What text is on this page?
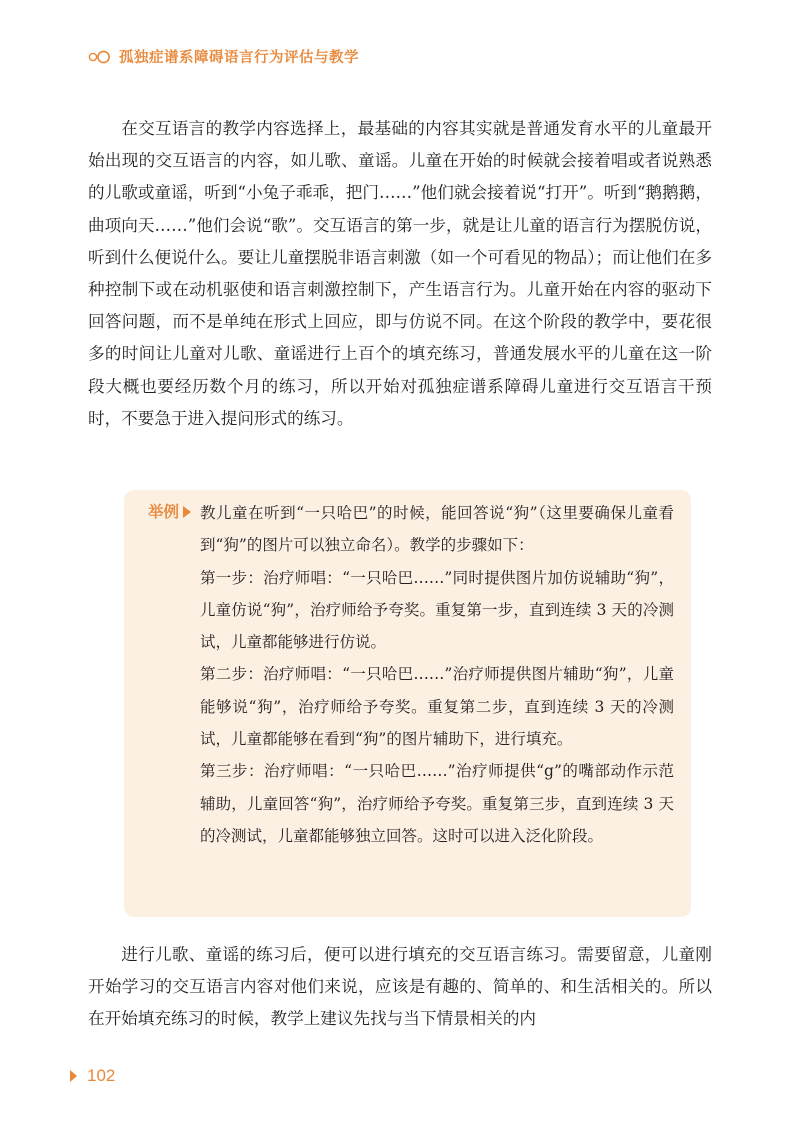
孤独症谱系障碍语言行为评估与教学

在交互语言的教学内容选择上，最基础的内容其实就是普通发育水平的儿童最开始出现的交互语言的内容，如儿歌、童谣。儿童在开始的时候就会接着唱或者说熟悉的儿歌或童谣，听到“小兔子乖乖，把门……”他们就会接着说“打开”。听到“鹅鹅鹅，曲项向天……”他们会说“歌”。交互语言的第一步，就是让儿童的语言行为摆脱仿说，听到什么便说什么。要让儿童摆脱非语言刺激（如一个可看见的物品）；而让他们在多种控制下或在动机驱使和语言刺激控制下，产生语言行为。儿童开始在内容的驱动下回答问题，而不是单纯在形式上回应，即与仿说不同。在这个阶段的教学中，要花很多的时间让儿童对儿歌、童谣进行上百个的填充练习，普通发展水平的儿童在这一阶段大概也要经历数个月的练习，所以开始对孤独症谱系障碍儿童进行交互语言干预时，不要急于进入提问形式的练习。

举例 教儿童在听到“一只哈巴”的时候，能回答说“狗”（这里要确保儿童看到“狗”的图片可以独立命名）。教学的步骤如下：

第一步：治疗师唱：“一只哈巴……”同时提供图片加仿说辅助“狗”，儿童仿说“狗”，治疗师给予夸奖。重复第一步，直到连续 3 天的冷测试，儿童都能够进行仿说。

第二步：治疗师唱：“一只哈巴……”治疗师提供图片辅助“狗”，儿童能够说“狗”，治疗师给予夸奖。重复第二步，直到连续 3 天的冷测试，儿童都能够在看到“狗”的图片辅助下，进行填充。

第三步：治疗师唱：“一只哈巴……”治疗师提供“g”的嘴部动作示范辅助，儿童回答“狗”，治疗师给予夸奖。重复第三步，直到连续 3 天的冷测试，儿童都能够独立回答。这时可以进入泛化阶段。

进行儿歌、童谣的练习后，便可以进行填充的交互语言练习。需要留意，儿童刚开始学习的交互语言内容对他们来说，应该是有趣的、简单的、和生活相关的。所以在开始填充练习的时候，教学上建议先找与当下情景相关的内

102
